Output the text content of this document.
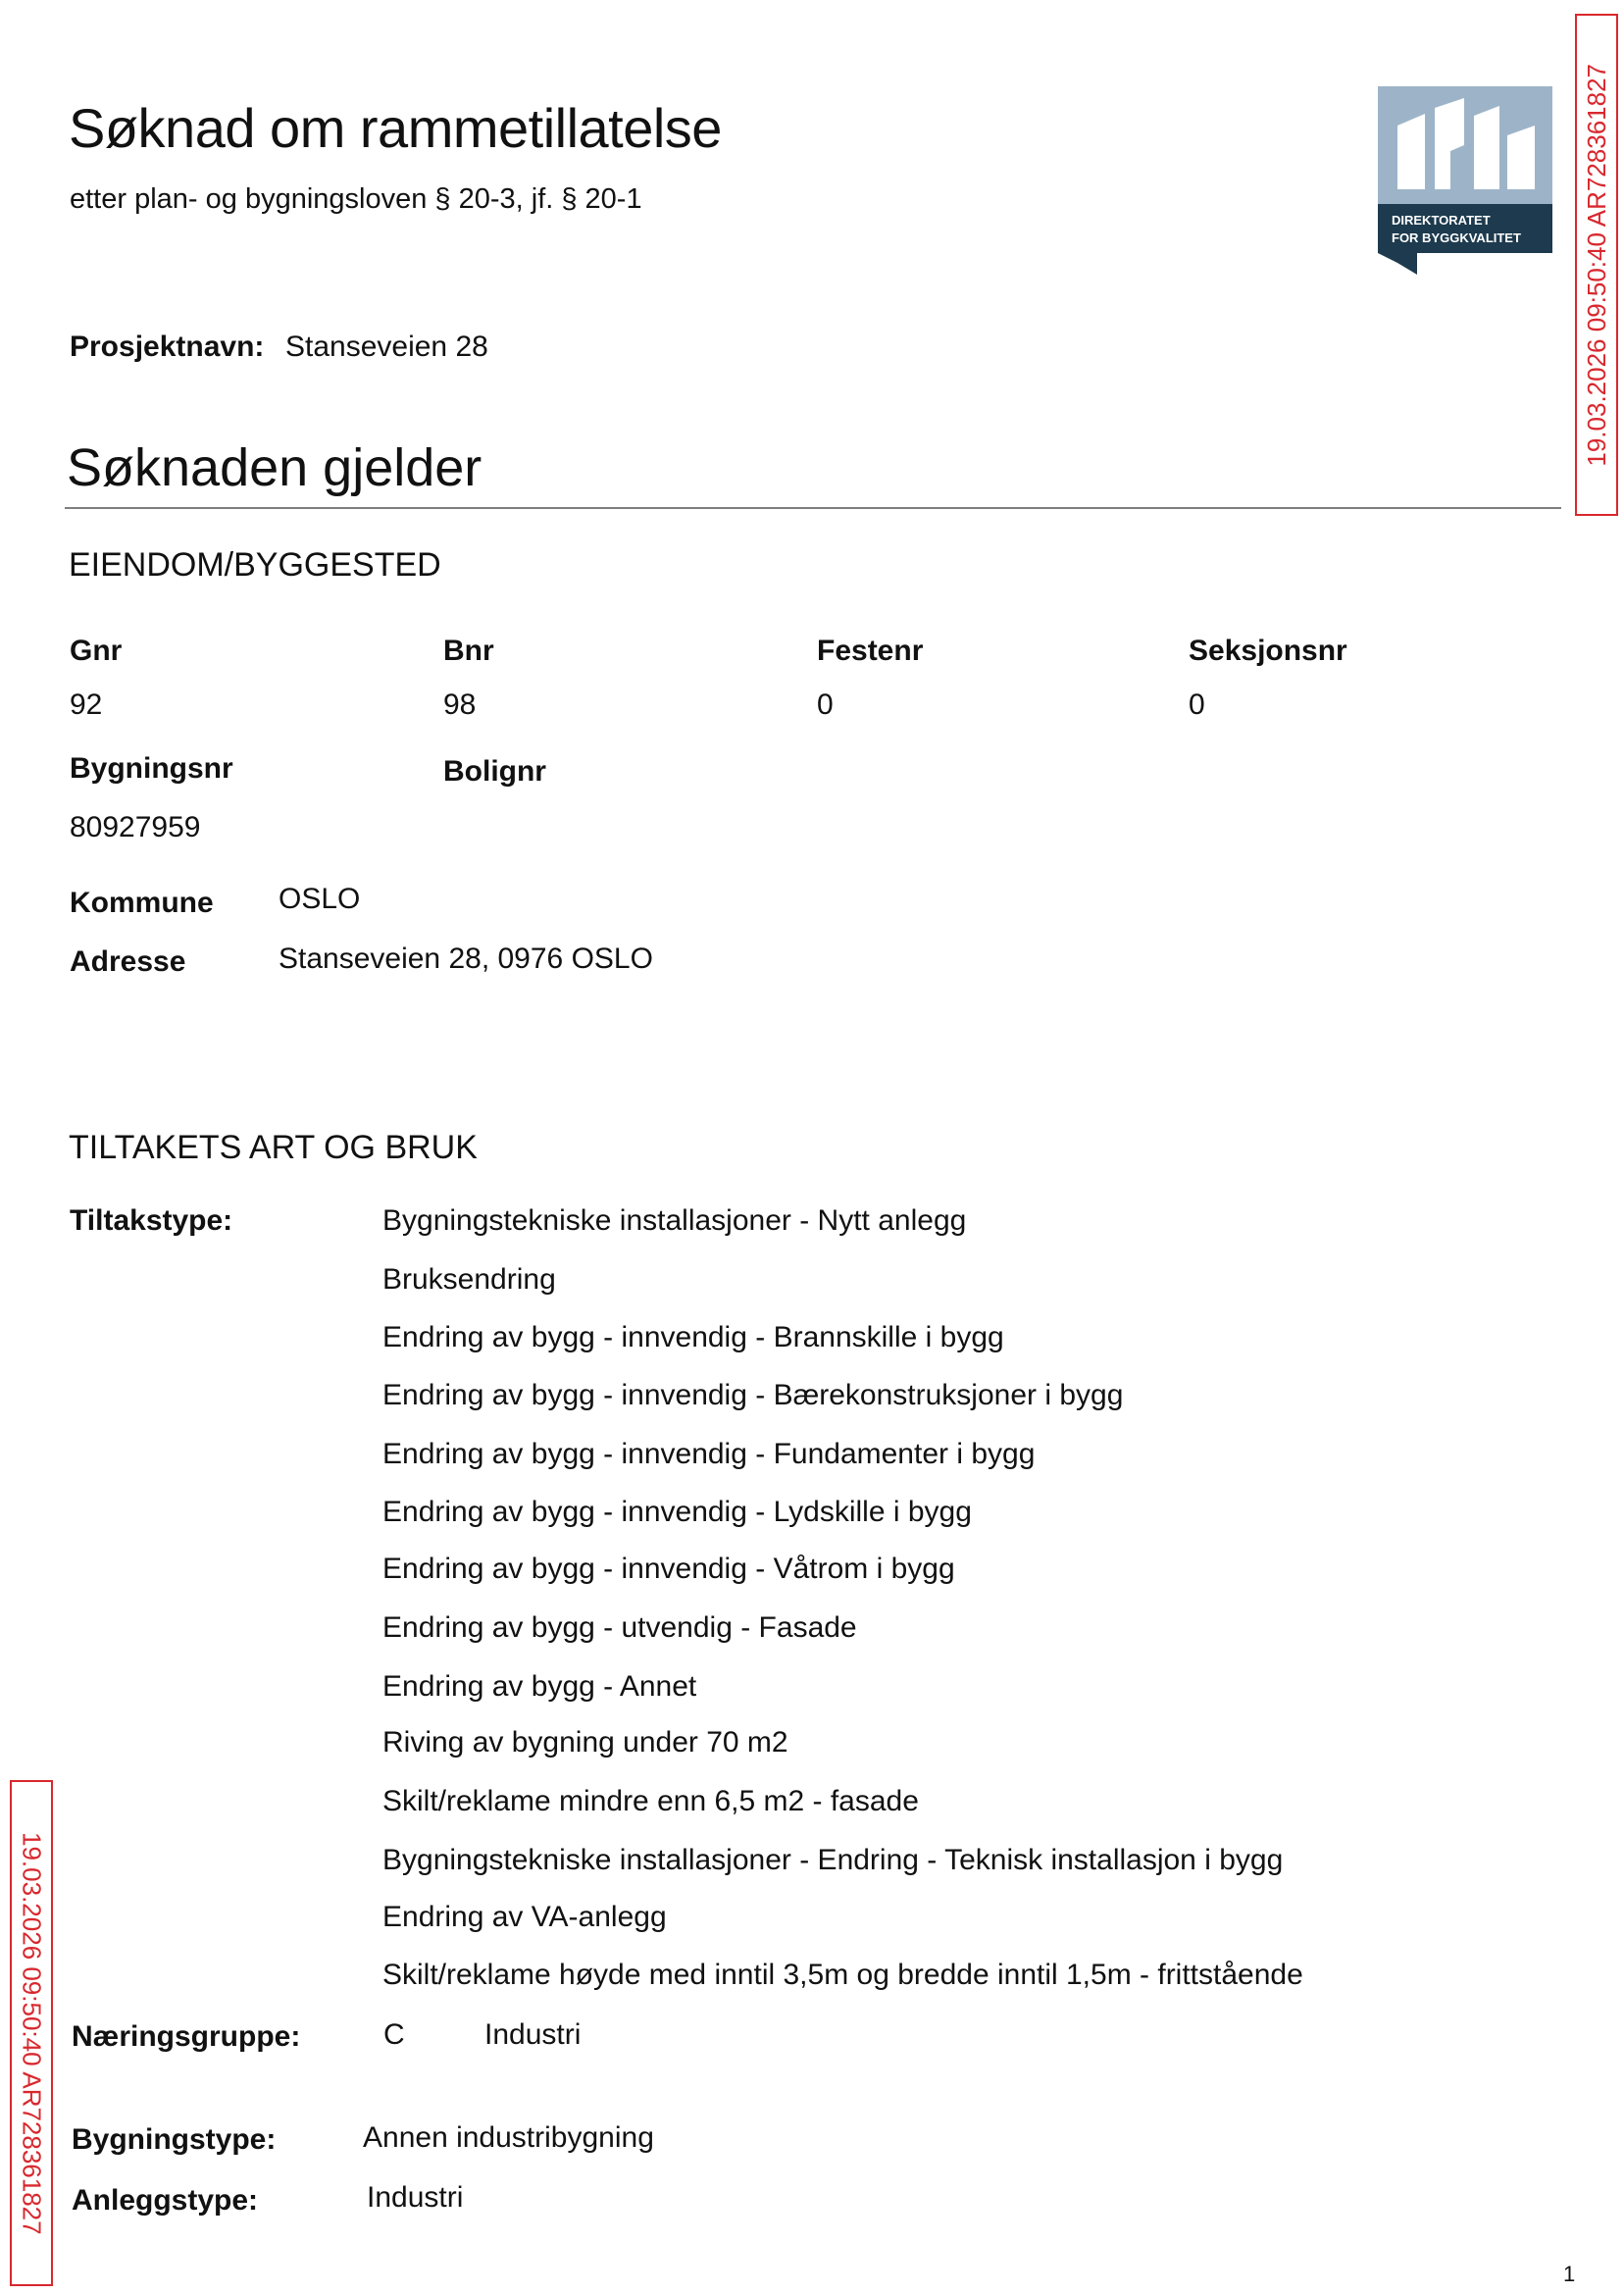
Søknad om rammetillatelse
etter plan- og bygningsloven § 20-3, jf. § 20-1
DIREKTORATET
FOR BYGGKVALITET 19.03.2026 09:50:40 AR728361827
Prosjektnavn: Stanseveien 28
Søknaden gjelder
EIENDOM/BYGGESTED
Gnr	Bnr	Festenr	Seksjonsnr
92	98	0	0
Bygningsnr	Bolignr
80927959
Kommune OSLO
Adresse	Stanseveien 28, 0976 OSLO
TILTAKETS ART OG BRUK
Tiltakstype:	Bygningstekniske installasjoner - Nytt anlegg
Bruksendring
Endring av bygg - innvendig - Brannskille i bygg
Endring av bygg - innvendig - Bærekonstruksjoner i bygg
Endring av bygg - innvendig - Fundamenter i bygg
Endring av bygg - innvendig - Lydskille i bygg
Endring av bygg - innvendig - Våtrom i bygg
Endring av bygg - utvendig - Fasade
Endring av bygg - Annet
Riving av bygning under 70 m2
Skilt/reklame mindre enn 6,5 m2 - fasade
Bygningstekniske installasjoner - Endring - Teknisk installasjon i bygg
Endring av VA-anlegg
Skilt/reklame høyde med inntil 3,5m og bredde inntil 1,5m - frittstående
Næringsgruppe:	C	Industri
Bygningstype:	Annen industribygning
Anleggstype:	Industri
19.03.2026 09:50:40 AR728361827
1
